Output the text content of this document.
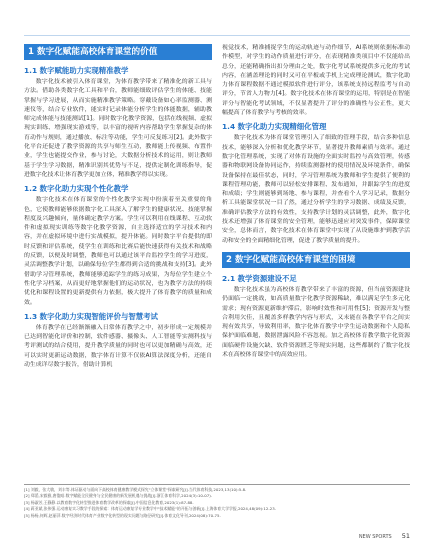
1 数字化赋能高校体育课堂的价值
1.1 数字赋能助力实现精准教学

数字化技术被引入体育课堂，为体育教学带来了精准化的新工具与方法。借助各类数字化工具和平台，教师能细致评估学生的体能、技能掌握与学习进展，从而实施精准教学策略。穿戴设备如心率监测器、测速仪等，结合专业软件，能实时记录体能分析学生的体能数据，辅助教师完成体能与技能测试[1]。同时数字化教学资源，包括在线视频、虚拟现实训练、增强现实游戏等，以丰富的视听内容帮助学生掌握复杂的体育动作与规则，通过播放、标注等功能，学生可反复练习[2]。此外数字化平台还促进了教学资源的共享与师生互动，教师能上传视频、布置作业，学生也能提交作业，参与讨论，大数据分析技术的运用，则让教师基于学生学习数据，精准识别其优势与不足，提供定制化训练指导，促进数字化技术让体育教学更加立体，精准教学得以实现。

1.2 数字化助力实现个性化教学

数字化技术在体育课堂的个性化教学实现中扮演着至关重要的角色，它使教师能够依据数字化工具深入了解学生的健康状况、技能掌握程度及兴趣倾向，量体确定教学方案。学生可以利用在线课程、互动软件和虚拟现实训练等数字化教学资源，自主选择适宜的学习技术和内容，并在虚拟环境中进行实战模拟，提升体能。同时数字平台提供的即时反馈和评估系统，使学生在训练和比赛后能快速获得有关技术和战略的反馈，以便及时调整，教师也可以通过该平台监控学生的学习进度，灵活调整教学计划，以确保每位学生都得到合适的挑战和支持[3]。此外借助学习管理系统，教师能够追踪学生的练习成果，为每位学生建立个性化学习档案，从而更好地掌握他们的运动状况，也为教学方法的持续优化和课程设置的更新提供有力依据，极大提升了体育教学的质量和成效。

1.3 数字化助力实现智能评价与智慧考试

体育教学在已经渐渐融入日常体育教学之中，初步形成一定规模并已达到智能化评价和控制，软件感器、摄像头、人工智能等实测科技与考评测试的结合使用，提升教学质量的同时也可以更加精确与高效，还可以实时更新运动数据，数字体育计算不仅依AI算法深度分析，还能自动生成详尽数字报告，借助计算机

视觉技术，精准捕捉学生的运动轨迹与动作细节，AI系统则依据标准动作模型，对学生的动作质量进行评分，在表现精准类项目中不仅能给出总分，还能精确指出扣分理由之处，数字化考试系统提供多元化的考试内容，在涵盖理论的同时又可在平板或手机上完成理论测试，数字化助力体育课程数据不通过模拟软件进行评分，该系统支持远程监考与自动评分，节省人力物力[4]。数字化技术在体育课堂的运用，特别是在智能评分与智能化考试领域，不仅显著提升了评分的准确性与公正性，更大幅提高了体育教学与考核的效率。

1.4 数字化助力实现精细化管理

数字化技术为体育课堂管理引入了细致的管理手段，结合多种信息技术，能够深入分析和优化教学环节，显著提升教师素质与效率。通过数字化管理系统，实现了对体育设施的全面实时监控与高效管理，传感器和物联网设备协同运作，持续监测器材的使用情况及环境条件，确保设备保持在最佳状态，同时，学习管理系统为教师和学生提供了便利的课程管理功能，教师可以轻松安排课程、发布通知，并跟踪学生的进度和成绩；学生则能够到场地、参与课程，并查看个人学习记录，数据分析工具能课堂状况一目了然，通过分析学生的学习数据、成绩及反馈，准确评估教学方法的有效性，支持教学计划的灵活调整，此外，数字化技术还增强了体育课堂的安全管理，能够迅速应对突发事件，保障课堂安全，总体而言，数字化技术在体育课堂中实现了从设施维护到教学活动和安全的全面精细化管理，促进了教学质量的提升。

2 数字化赋能高校体育课堂的困境
2.1 教学资源建设不足

数字化技术虽为高校体育教学带来了丰富的资源，但当前资源建设仍面临一定挑战，如高质量数字化教学资源稀缺，难以满足学生多元化需求；现有资源更新维护滞后，影响时效性和可用性[5]；资源开发与整合利用欠佳，且覆盖多样教学内容与形式，又未能在各教学平台之间实现有效共享，导致利用率，数字化体育教学中学生运动数据和个人隐私保护面临难题，数据泄露风险不容忽视。加之高校体育教学数字化资源面临硬件设施欠缺、软件资源匮乏等现实问题，这些都制约了数字化技术在高校体育课堂中的高效应用。

[1] 刘毅，张大敏，刘丰等.体证驱动与面向下高校体育健康教学模式探究"立体课堂"探索研究[J].当代体育科技,2023,13(10):5-8.

[2] 郑滔,宋毅雅,唐俊暗.数字赋能全民健身与全民健康的新发展机遇与挑战[J].浙江体育科学,2024(3):10-07).

[3] 杨淑芳,王静静.以教育数字化转型推进体育教学改革的探索[J].中国信息化教育,2023(1):87-88.

[4] 蒋亚斌,张伟强.运动康复实习教学手段的探索：体育运动康复学专业教学中"技术赋能"的开拓与创新[J].上海体育大学学报,2024,48(09):12-23.

[5] 杨杨,何辉,赵丽萍.数字经济时代体育产业数字化转型的现实问题与路径研究[J].体育文化导刊,2024(08):70-75.

NEW SPORTS 51
